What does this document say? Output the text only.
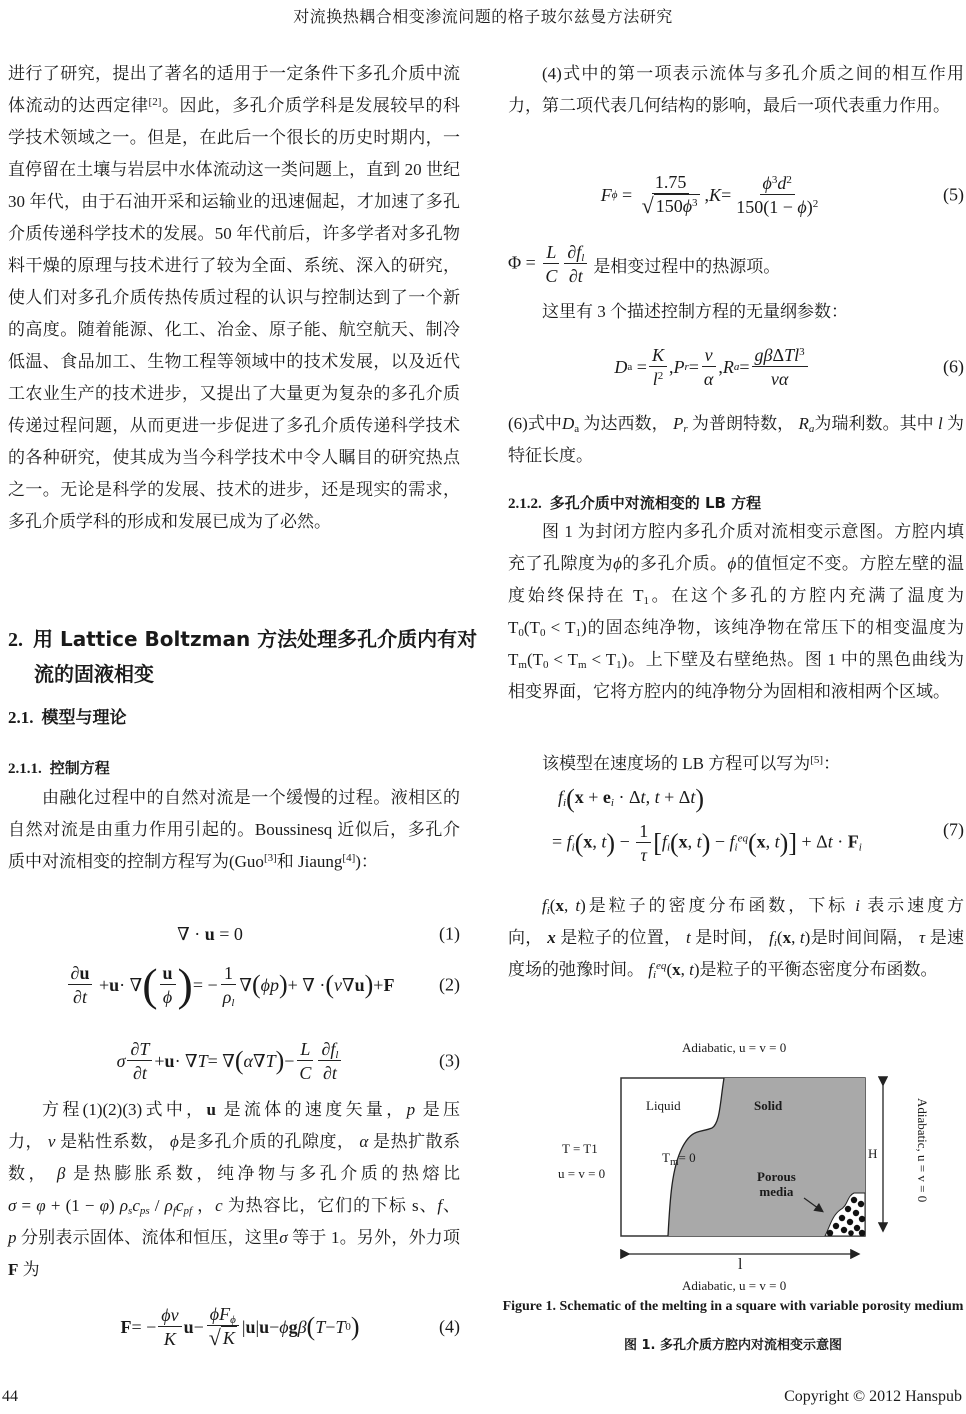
对流换热耦合相变渗流问题的格子玻尔兹曼方法研究

进行了研究，提出了著名的适用于一定条件下多孔介质中流体流动的达西定律[2]。因此，多孔介质学科是发展较早的科学技术领域之一。但是，在此后一个很长的历史时期内，一直停留在土壤与岩层中水体流动这一类问题上，直到 20 世纪 30 年代，由于石油开采和运输业的迅速倔起，才加速了多孔介质传递科学技术的发展。50 年代前后，许多学者对多孔物料干燥的原理与技术进行了较为全面、系统、深入的研究，使人们对多孔介质传热传质过程的认识与控制达到了一个新的高度。随着能源、化工、冶金、原子能、航空航天、制冷低温、食品加工、生物工程等领域中的技术发展，以及近代工农业生产的技术进步，又提出了大量更为复杂的多孔介质传递过程问题，从而更进一步促进了多孔介质传递科学技术的各种研究，使其成为当今科学技术中令人瞩目的研究热点之一。无论是科学的发展、技术的进步，还是现实的需求，多孔介质学科的形成和发展已成为了必然。

2. 用 Lattice Boltzman 方法处理多孔介质内有对流的固液相变
2.1. 模型与理论
2.1.1. 控制方程

由融化过程中的自然对流是一个缓慢的过程。液相区的自然对流是由重力作用引起的。Boussinesq 近似后，多孔介质中对流相变的控制方程写为(Guo[3]和 Jiaung[4])：

∇ · u = 0	(1)
$\frac{\partial u}{\partial t} + u$ · ∇ ( $\frac{u}{\phi}$ ) = − $\frac{1}{\rho_l}$ ∇ ( ϕp ) + ∇ · ( ν ∇ u ) + F (2)
σ $\frac{\partial T}{\partial t} + u$ · ∇ T = ∇ ( α ∇ T ) − $\frac{L}{C} \frac{\partial f_l}{\partial t}$	(3)

方程(1)(2)(3)式中，u 是流体的速度矢量，p 是压力， ν 是粘性系数， ϕ是多孔介质的孔隙度， α 是热扩散系数， β 是热膨胀系数，纯净物与多孔介质的热熔比σ = φ + (1 − φ) $\rho_sc_{ps} / \rho_fc_{pf}$ ，c 为热容比，它们的下标 s、f、p 分别表示固体、流体和恒压，这里σ 等于 1。另外，外力项F 为

F = − $\frac{\phi\nu}{K}$ $u - \frac{\phi F_\phi}{√ K}$ | u | u − ϕ g β ( T − T 0 )	(4)

(4)式中的第一项表示流体与多孔介质之间的相互作用力，第二项代表几何结构的影响，最后一项代表重力作用。

F $\phi = \frac{1.75}{√ 150\phi^3}$ , $K = \frac{\phi^3d^2}{150(1 - \phi)^2}$	(5)
$\Phi = \frac{L}{C} \frac{\partial f_l}{\partial t}$ 是相变过程中的热源项。

这里有 3 个描述控制方程的无量纲参数：

D $a = \frac{K}{l^2}$ , P $r = \frac{\nu}{\alpha}$ , R $a = \frac{g\beta\Delta Tl^3}{\nu\alpha}$	(6)

(6)式中$D_a$ 为达西数， $P_r$ 为普朗特数， $R_a$为瑞利数。其中 l 为特征长度。

2.1.2. 多孔介质中对流相变的 LB 方程

图 1 为封闭方腔内多孔介质对流相变示意图。方腔内填充了孔隙度为ϕ的多孔介质。ϕ的值恒定不变。方腔左壁的温度始终保持在 $T_1$。在这个多孔的方腔内充满了温度为$T_0(T_0 < T_1)$的固态纯净物，该纯净物在常压下的相变温度为$T_m(T_0 < T_m < T_1)$。上下壁及右壁绝热。图 1 中的黑色曲线为相变界面，它将方腔内的纯净物分为固相和液相两个区域。

该模型在速度场的 LB 方程可以写为[5]：

$f_i(x + e_i \cdot \Delta t$, t + Δt)
= $f_i(x$, $t) - \frac{1}{\tau} [f_i(x$, $t) - f_i^{eq}(x$, $t)] + \Delta t \cdot F_i$
(7)

$f_i(x$, t)是粒子的密度分布函数，下标 i 表示速度方向， x 是粒子的位置， t 是时间， $f_i(x$, t)是时间间隔， τ 是速度场的弛豫时间。 $f_i^{eq}(x$, t)是粒子的平衡态密度分布函数。

Adiabatic, u = v = 0
Adiabatic, u = v = 0
Adiabatic, u = v = 0
T = T1
u = v = 0
Liquid	Solid
$T_m= 0$
Porous
media
H
l
Figure 1. Schematic of the melting in a square with variable porosity medium
图 1. 多孔介质方腔内对流相变示意图
44	Copyright © 2012 Hanspub
